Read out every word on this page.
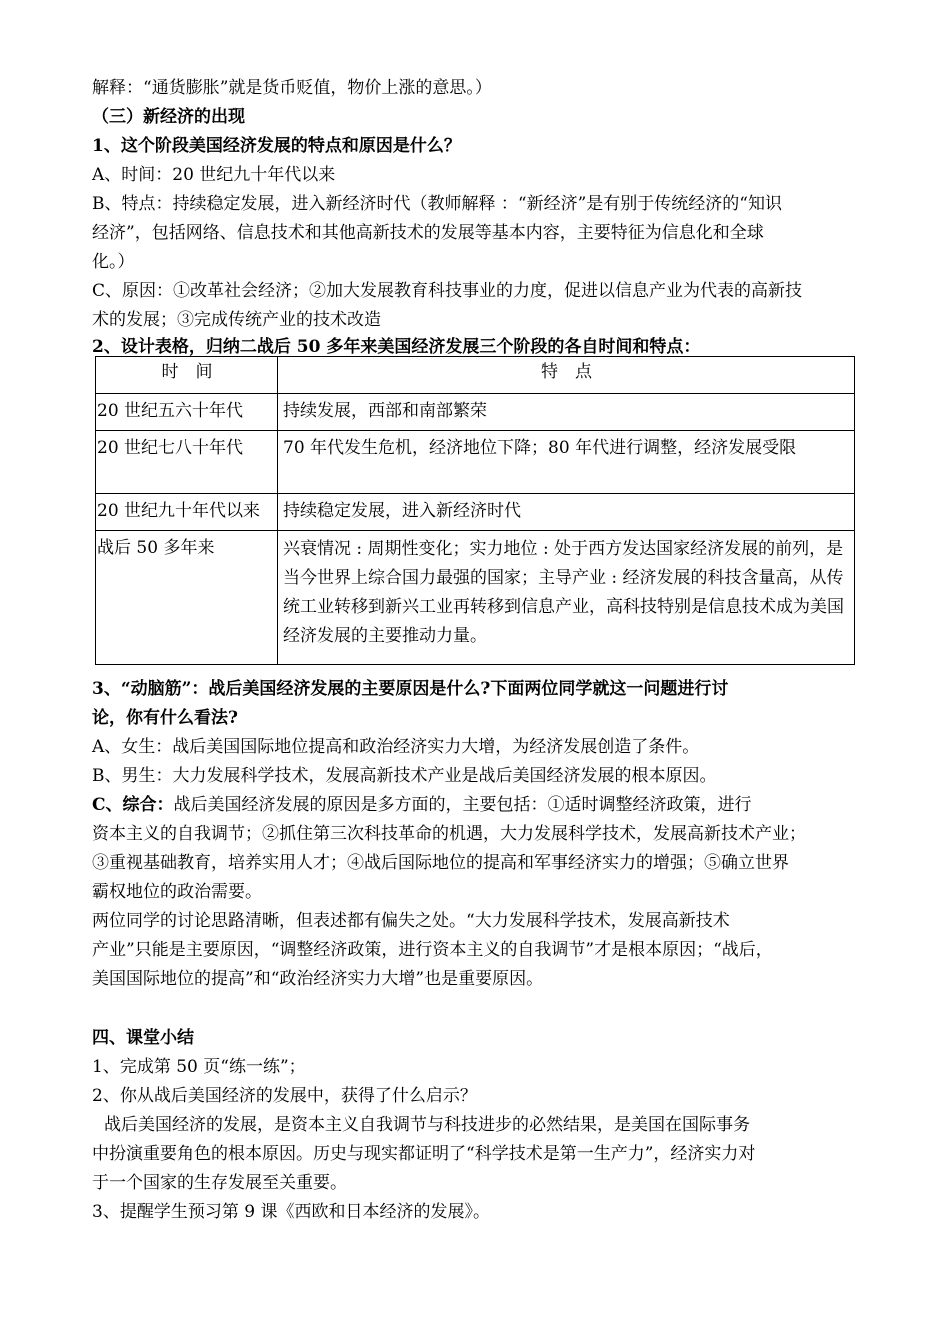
解释：“通货膨胀”就是货币贬值，物价上涨的意思。）
（三）新经济的出现
1、这个阶段美国经济发展的特点和原因是什么？
A、时间：20 世纪九十年代以来
B、特点：持续稳定发展，进入新经济时代（教师解释 ：“新经济”是有别于传统经济的“知识
经济”，包括网络、信息技术和其他高新技术的发展等基本内容，主要特征为信息化和全球
化。）
C、原因：①改革社会经济；②加大发展教育科技事业的力度，促进以信息产业为代表的高新技
术的发展；③完成传统产业的技术改造
2、设计表格，归纳二战后 50 多年来美国经济发展三个阶段的各自时间和特点：
时　间	特　点
20 世纪五六十年代	持续发展，西部和南部繁荣
20 世纪七八十年代	70 年代发生危机，经济地位下降；80 年代进行调整，经济发展受限
20 世纪九十年代以来	持续稳定发展，进入新经济时代
战后 50 多年来	兴衰情况 : 周期性变化；实力地位 : 处于西方发达国家经济发展的前列，是当今世界上综合国力最强的国家；主导产业 : 经济发展的科技含量高，从传统工业转移到新兴工业再转移到信息产业，高科技特别是信息技术成为美国经济发展的主要推动力量。
3、“动脑筋”：战后美国经济发展的主要原因是什么?下面两位同学就这一问题进行讨
论，你有什么看法?
A、女生：战后美国国际地位提高和政治经济实力大增，为经济发展创造了条件。
B、男生：大力发展科学技术，发展高新技术产业是战后美国经济发展的根本原因。
C、综合：战后美国经济发展的原因是多方面的，主要包括：①适时调整经济政策，进行
资本主义的自我调节；②抓住第三次科技革命的机遇，大力发展科学技术，发展高新技术产业；
③重视基础教育，培养实用人才；④战后国际地位的提高和军事经济实力的增强；⑤确立世界
霸权地位的政治需要。
两位同学的讨论思路清晰，但表述都有偏失之处。“大力发展科学技术，发展高新技术
产业”只能是主要原因，“调整经济政策，进行资本主义的自我调节”才是根本原因；“战后，
美国国际地位的提高”和“政治经济实力大增”也是重要原因。
四、课堂小结
1、完成第 50 页“练一练”；
2、你从战后美国经济的发展中，获得了什么启示？
战后美国经济的发展，是资本主义自我调节与科技进步的必然结果，是美国在国际事务
中扮演重要角色的根本原因。历史与现实都证明了“科学技术是第一生产力”，经济实力对
于一个国家的生存发展至关重要。
3、提醒学生预习第 9 课《西欧和日本经济的发展》。
